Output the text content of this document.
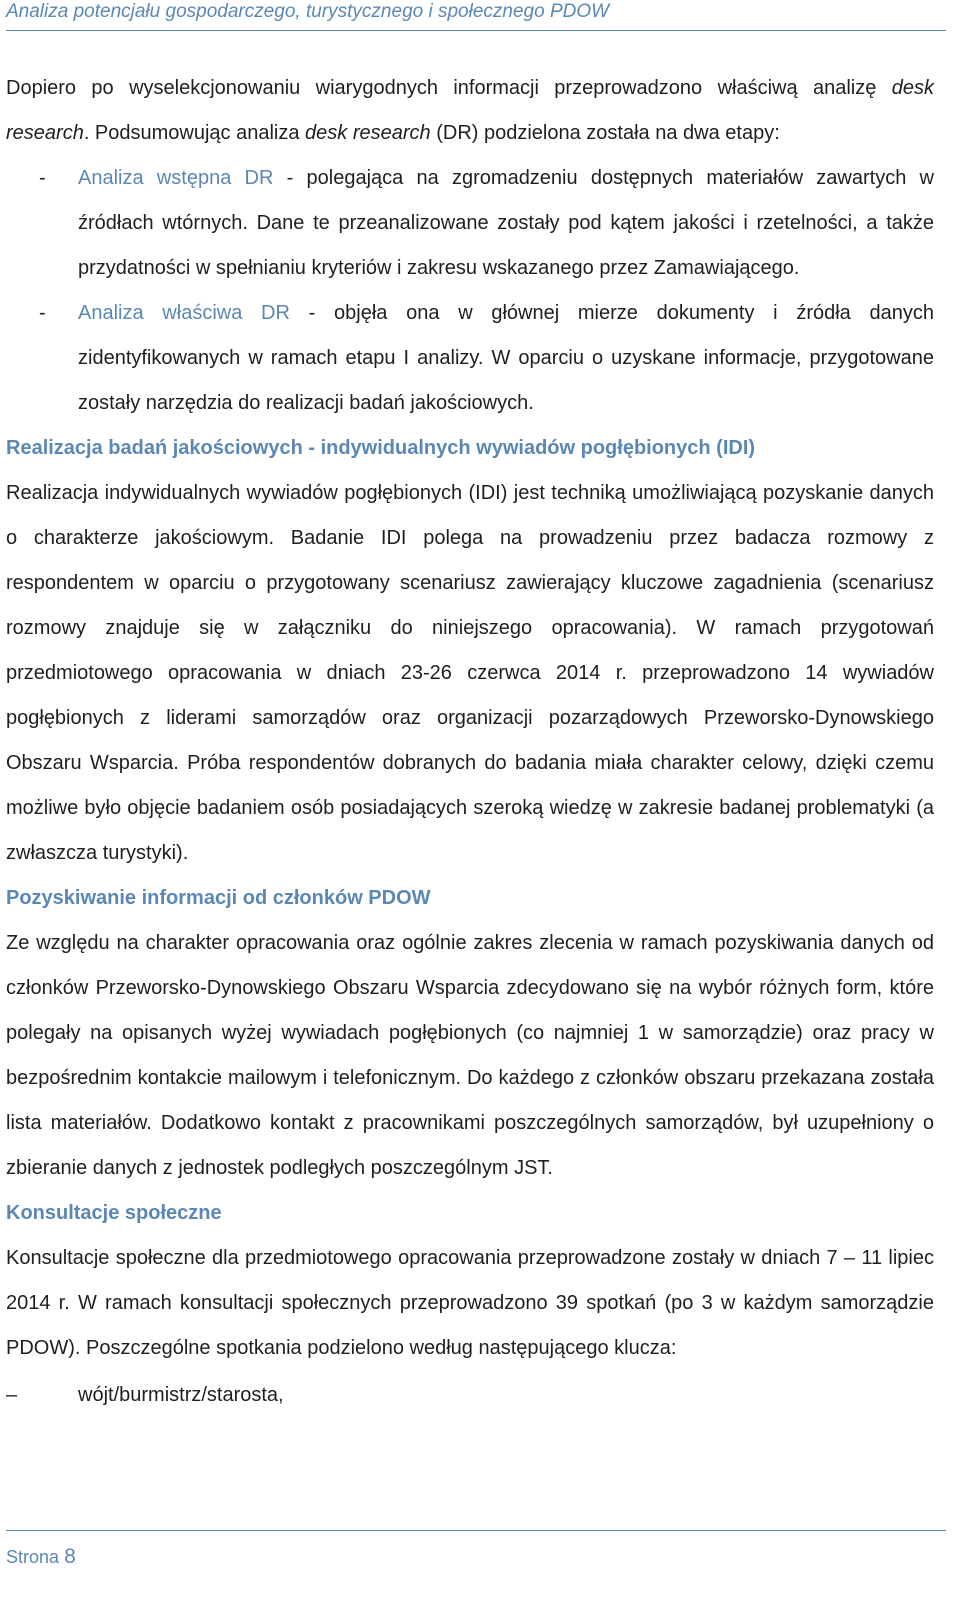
Analiza potencjału gospodarczego, turystycznego i społecznego PDOW

Dopiero po wyselekcjonowaniu wiarygodnych informacji przeprowadzono właściwą analizę desk research. Podsumowując analiza desk research (DR) podzielona została na dwa etapy:

- Analiza wstępna DR - polegająca na zgromadzeniu dostępnych materiałów zawartych w źródłach wtórnych. Dane te przeanalizowane zostały pod kątem jakości i rzetelności, a także przydatności w spełnianiu kryteriów i zakresu wskazanego przez Zamawiającego.

- Analiza właściwa DR - objęła ona w głównej mierze dokumenty i źródła danych zidentyfikowanych w ramach etapu I analizy. W oparciu o uzyskane informacje, przygotowane zostały narzędzia do realizacji badań jakościowych.

Realizacja badań jakościowych - indywidualnych wywiadów pogłębionych (IDI)

Realizacja indywidualnych wywiadów pogłębionych (IDI) jest techniką umożliwiającą pozyskanie danych o charakterze jakościowym. Badanie IDI polega na prowadzeniu przez badacza rozmowy z respondentem w oparciu o przygotowany scenariusz zawierający kluczowe zagadnienia (scenariusz rozmowy znajduje się w załączniku do niniejszego opracowania). W ramach przygotowań przedmiotowego opracowania w dniach 23-26 czerwca 2014 r. przeprowadzono 14 wywiadów pogłębionych z liderami samorządów oraz organizacji pozarządowych Przeworsko-Dynowskiego Obszaru Wsparcia. Próba respondentów dobranych do badania miała charakter celowy, dzięki czemu możliwe było objęcie badaniem osób posiadających szeroką wiedzę w zakresie badanej problematyki (a zwłaszcza turystyki).

Pozyskiwanie informacji od członków PDOW

Ze względu na charakter opracowania oraz ogólnie zakres zlecenia w ramach pozyskiwania danych od członków Przeworsko-Dynowskiego Obszaru Wsparcia zdecydowano się na wybór różnych form, które polegały na opisanych wyżej wywiadach pogłębionych (co najmniej 1 w samorządzie) oraz pracy w bezpośrednim kontakcie mailowym i telefonicznym. Do każdego z członków obszaru przekazana została lista materiałów. Dodatkowo kontakt z pracownikami poszczególnych samorządów, był uzupełniony o zbieranie danych z jednostek podległych poszczególnym JST.

Konsultacje społeczne

Konsultacje społeczne dla przedmiotowego opracowania przeprowadzone zostały w dniach 7 – 11 lipiec 2014 r. W ramach konsultacji społecznych przeprowadzono 39 spotkań (po 3 w każdym samorządzie PDOW). Poszczególne spotkania podzielono według następującego klucza:

–	wójt/burmistrz/starosta,

Strona 8
